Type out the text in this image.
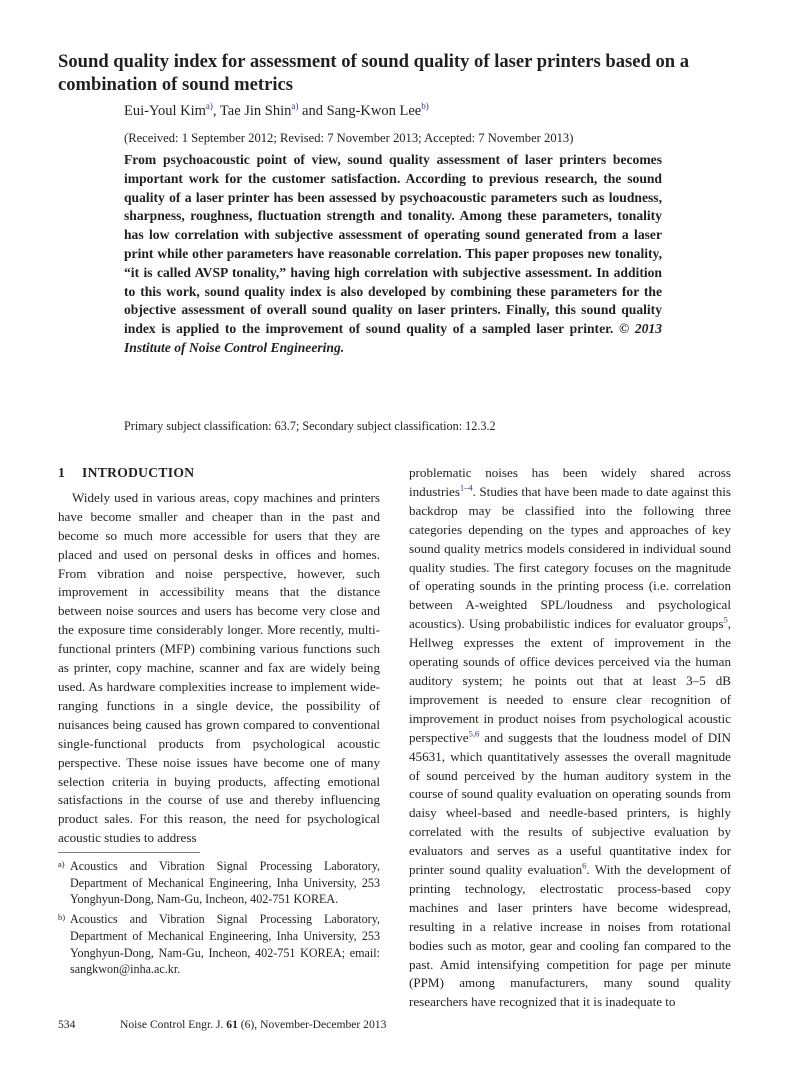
Sound quality index for assessment of sound quality of laser printers based on a combination of sound metrics
Eui-Youl Kim$^{a)}$, Tae Jin Shin$^{a)}$ and Sang-Kwon Lee$^{b)}$
(Received: 1 September 2012; Revised: 7 November 2013; Accepted: 7 November 2013)

From psychoacoustic point of view, sound quality assessment of laser printers becomes important work for the customer satisfaction. According to previous research, the sound quality of a laser printer has been assessed by psychoacoustic parameters such as loudness, sharpness, roughness, fluctuation strength and tonality. Among these parameters, tonality has low correlation with subjective assessment of operating sound generated from a laser print while other parameters have reasonable correlation. This paper proposes new tonality, “it is called AVSP tonality,” having high correlation with subjective assessment. In addition to this work, sound quality index is also developed by combining these parameters for the objective assessment of overall sound quality on laser printers. Finally, this sound quality index is applied to the improvement of sound quality of a sampled laser printer. © 2013 Institute of Noise Control Engineering.

Primary subject classification: 63.7; Secondary subject classification: 12.3.2
1 INTRODUCTION

Widely used in various areas, copy machines and printers have become smaller and cheaper than in the past and become so much more accessible for users that they are placed and used on personal desks in offices and homes. From vibration and noise perspective, however, such improvement in accessibility means that the distance between noise sources and users has become very close and the exposure time considerably longer. More recently, multi-functional printers (MFP) combining various functions such as printer, copy machine, scanner and fax are widely being used. As hardware complexities increase to implement wide-ranging functions in a single device, the possibility of nuisances being caused has grown compared to conventional single-functional products from psychological acoustic perspective. These noise issues have become one of many selection criteria in buying products, affecting emotional satisfactions in the course of use and thereby influencing product sales. For this reason, the need for psychological acoustic studies to address

problematic noises has been widely shared across industries$^{1-4}$. Studies that have been made to date against this backdrop may be classified into the following three categories depending on the types and approaches of key sound quality metrics models considered in individual sound quality studies. The first category focuses on the magnitude of operating sounds in the printing process (i.e. correlation between A-weighted SPL/loudness and psychological acoustics). Using probabilistic indices for evaluator groups$^5$, Hellweg expresses the extent of improvement in the operating sounds of office devices perceived via the human auditory system; he points out that at least 3–5 dB improvement is needed to ensure clear recognition of improvement in product noises from psychological acoustic perspective$^{5,6}$ and suggests that the loudness model of DIN 45631, which quantitatively assesses the overall magnitude of sound perceived by the human auditory system in the course of sound quality evaluation on operating sounds from daisy wheel-based and needle-based printers, is highly correlated with the results of subjective evaluation by evaluators and serves as a useful quantitative index for printer sound quality evaluation$^6$. With the development of printing technology, electrostatic process-based copy machines and laser printers have become widespread, resulting in a relative increase in noises from rotational bodies such as motor, gear and cooling fan compared to the past. Amid intensifying competition for page per minute (PPM) among manufacturers, many sound quality researchers have recognized that it is inadequate to

a) Acoustics and Vibration Signal Processing Laboratory, Department of Mechanical Engineering, Inha University, 253 Yonghyun-Dong, Nam-Gu, Incheon, 402-751 KOREA.

b) Acoustics and Vibration Signal Processing Laboratory, Department of Mechanical Engineering, Inha University, 253 Yonghyun-Dong, Nam-Gu, Incheon, 402-751 KOREA; email: sangkwon@inha.ac.kr.

534	Noise Control Engr. J. 61 (6), November-December 2013
